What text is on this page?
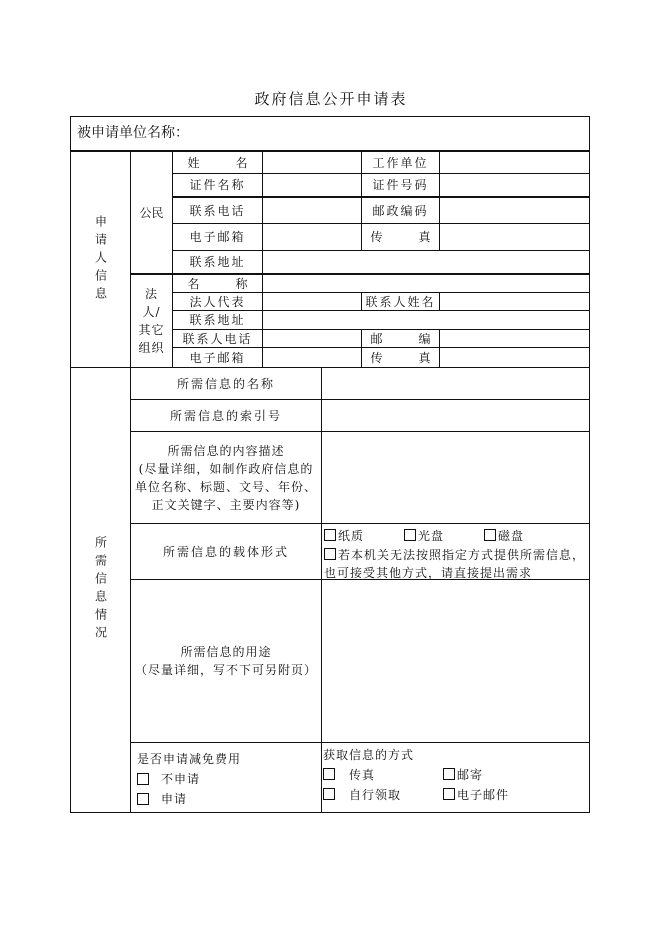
政府信息公开申请表
被申请单位名称：
申请人信息
公民
姓	名	工作单位
证件名称	证件号码
联系电话	邮政编码
电子邮箱	传	真
联系地址
法人/其它组织
名	称
法人代表	联系人姓名
联系地址
联系人电话	邮	编
电子邮箱	传	真
所需信息情况
所需信息的名称
所需信息的索引号
所需信息的内容描述
(尽量详细，如制作政府信息的单位名称、标题、文号、年份、正文关键字、主要内容等)
所需信息的载体形式
纸质	光盘	磁盘
若本机关无法按照指定方式提供所需信息，也可接受其他方式，请直接提出需求
所需信息的用途
（尽量详细，写不下可另附页）
是否申请减免费用
不申请
申请
获取信息的方式
传真	邮寄
自行领取	电子邮件
